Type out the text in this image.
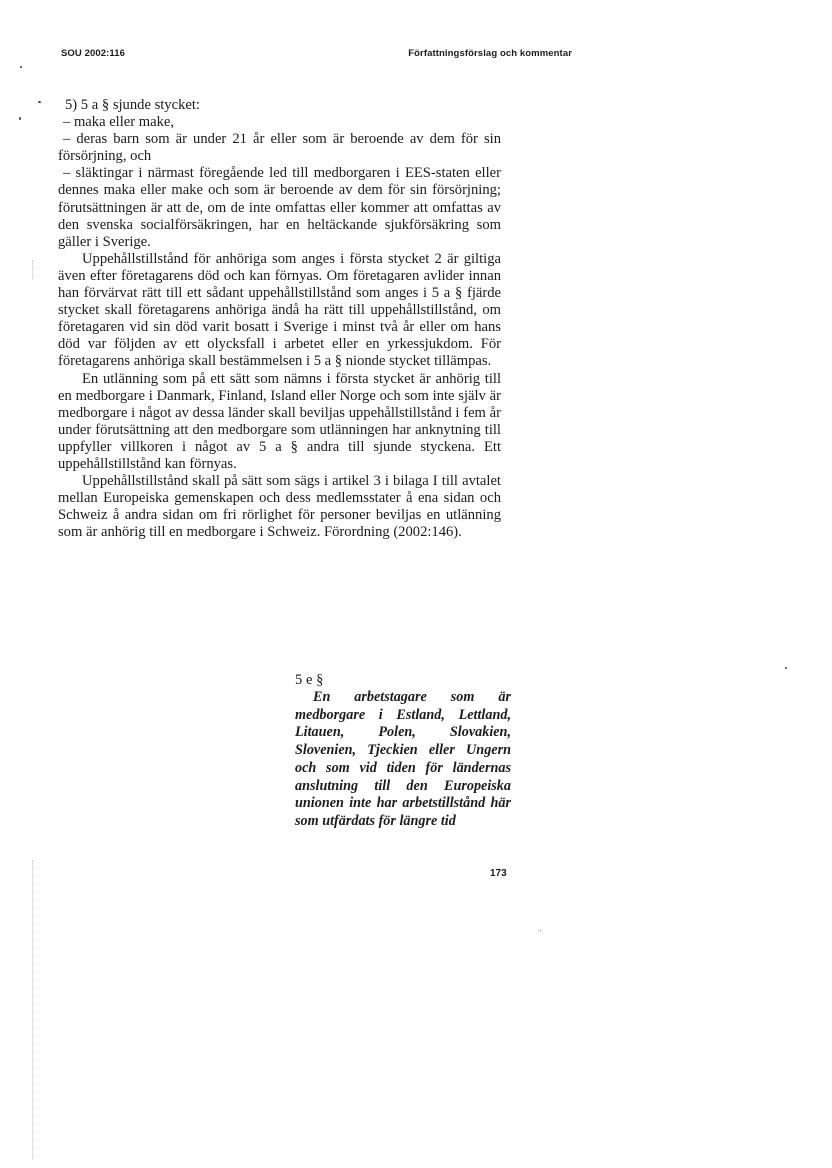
SOU 2002:116	Författningsförslag och kommentar

5) 5 a § sjunde stycket:

– maka eller make,

– deras barn som är under 21 år eller som är beroende av dem för sin försörjning, och

– släktingar i närmast föregående led till medborgaren i EES-staten eller dennes maka eller make och som är beroende av dem för sin försörjning; förutsättningen är att de, om de inte omfattas eller kommer att omfattas av den svenska socialförsäkringen, har en heltäckande sjukförsäkring som gäller i Sverige.

Uppehållstillstånd för anhöriga som anges i första stycket 2 är giltiga även efter företagarens död och kan förnyas. Om företagaren avlider innan han förvärvat rätt till ett sådant uppehållstillstånd som anges i 5 a § fjärde stycket skall företagarens anhöriga ändå ha rätt till uppehållstillstånd, om företagaren vid sin död varit bosatt i Sverige i minst två år eller om hans död var följden av ett olycksfall i arbetet eller en yrkessjukdom. För företagarens anhöriga skall bestämmelsen i 5 a § nionde stycket tillämpas.

En utlänning som på ett sätt som nämns i första stycket är anhörig till en medborgare i Danmark, Finland, Island eller Norge och som inte själv är medborgare i något av dessa länder skall beviljas uppehållstillstånd i fem år under förutsättning att den medborgare som utlänningen har anknytning till uppfyller villkoren i något av 5 a § andra till sjunde styckena. Ett uppehållstillstånd kan förnyas.

Uppehållstillstånd skall på sätt som sägs i artikel 3 i bilaga I till avtalet mellan Europeiska gemenskapen och dess medlemsstater å ena sidan och Schweiz å andra sidan om fri rörlighet för personer beviljas en utlänning som är anhörig till en medborgare i Schweiz. Förordning (2002:146).

5 e §
En arbetstagare som är medborgare i Estland, Lettland, Litauen, Polen, Slovakien, Slovenien, Tjeckien eller Ungern och som vid tiden för ländernas anslutning till den Europeiska unionen inte har arbetstillstånd här som utfärdats för längre tid
173
